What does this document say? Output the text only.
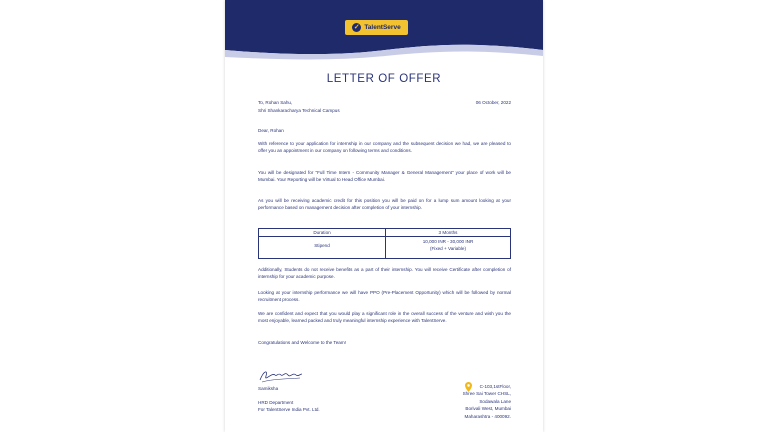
✓ TalentServe
LETTER OF OFFER
To, Rohan Sahu,
Shri Shankaracharya Technical Campus
06 October, 2022
Dear, Rohan

With reference to your application for internship in our company and the subsequent decision we had, we are pleased to offer you an appointment in our company on following terms and conditions.

You will be designated for "Full Time Intern - Community Manager & General Management" your place of work will be Mumbai. Your Reporting will be Virtual to Head Office Mumbai.

As you will be receiving academic credit for this position you will be paid on for a lump sum amount looking at your performance based on management decision after completion of your internship.

Duration	3 Months
Stipend
10,000 INR - 30,000 INR
(Fixed + Variable)

Additionally, Students do not receive benefits as a part of their internship. You will receive Certificate after completion of internship for your academic purpose.

Looking at your internship performance we will have PPO (Pre-Placement Opportunity) which will be followed by normal recruitment process.

We are confident and expect that you would play a significant role in the overall success of the venture and wish you the most enjoyable, learned packed and truly meaningful internship experience with TalentServe.

Congratulations and Welcome to the Team!
Samiksha
HRD Department
For TalentServe India Pvt. Ltd.
C-103,1stFloor,
Shree Sai Tower CHSL,
Sodawala Lane
Borivali West, Mumbai
Maharashtra - 400092.
